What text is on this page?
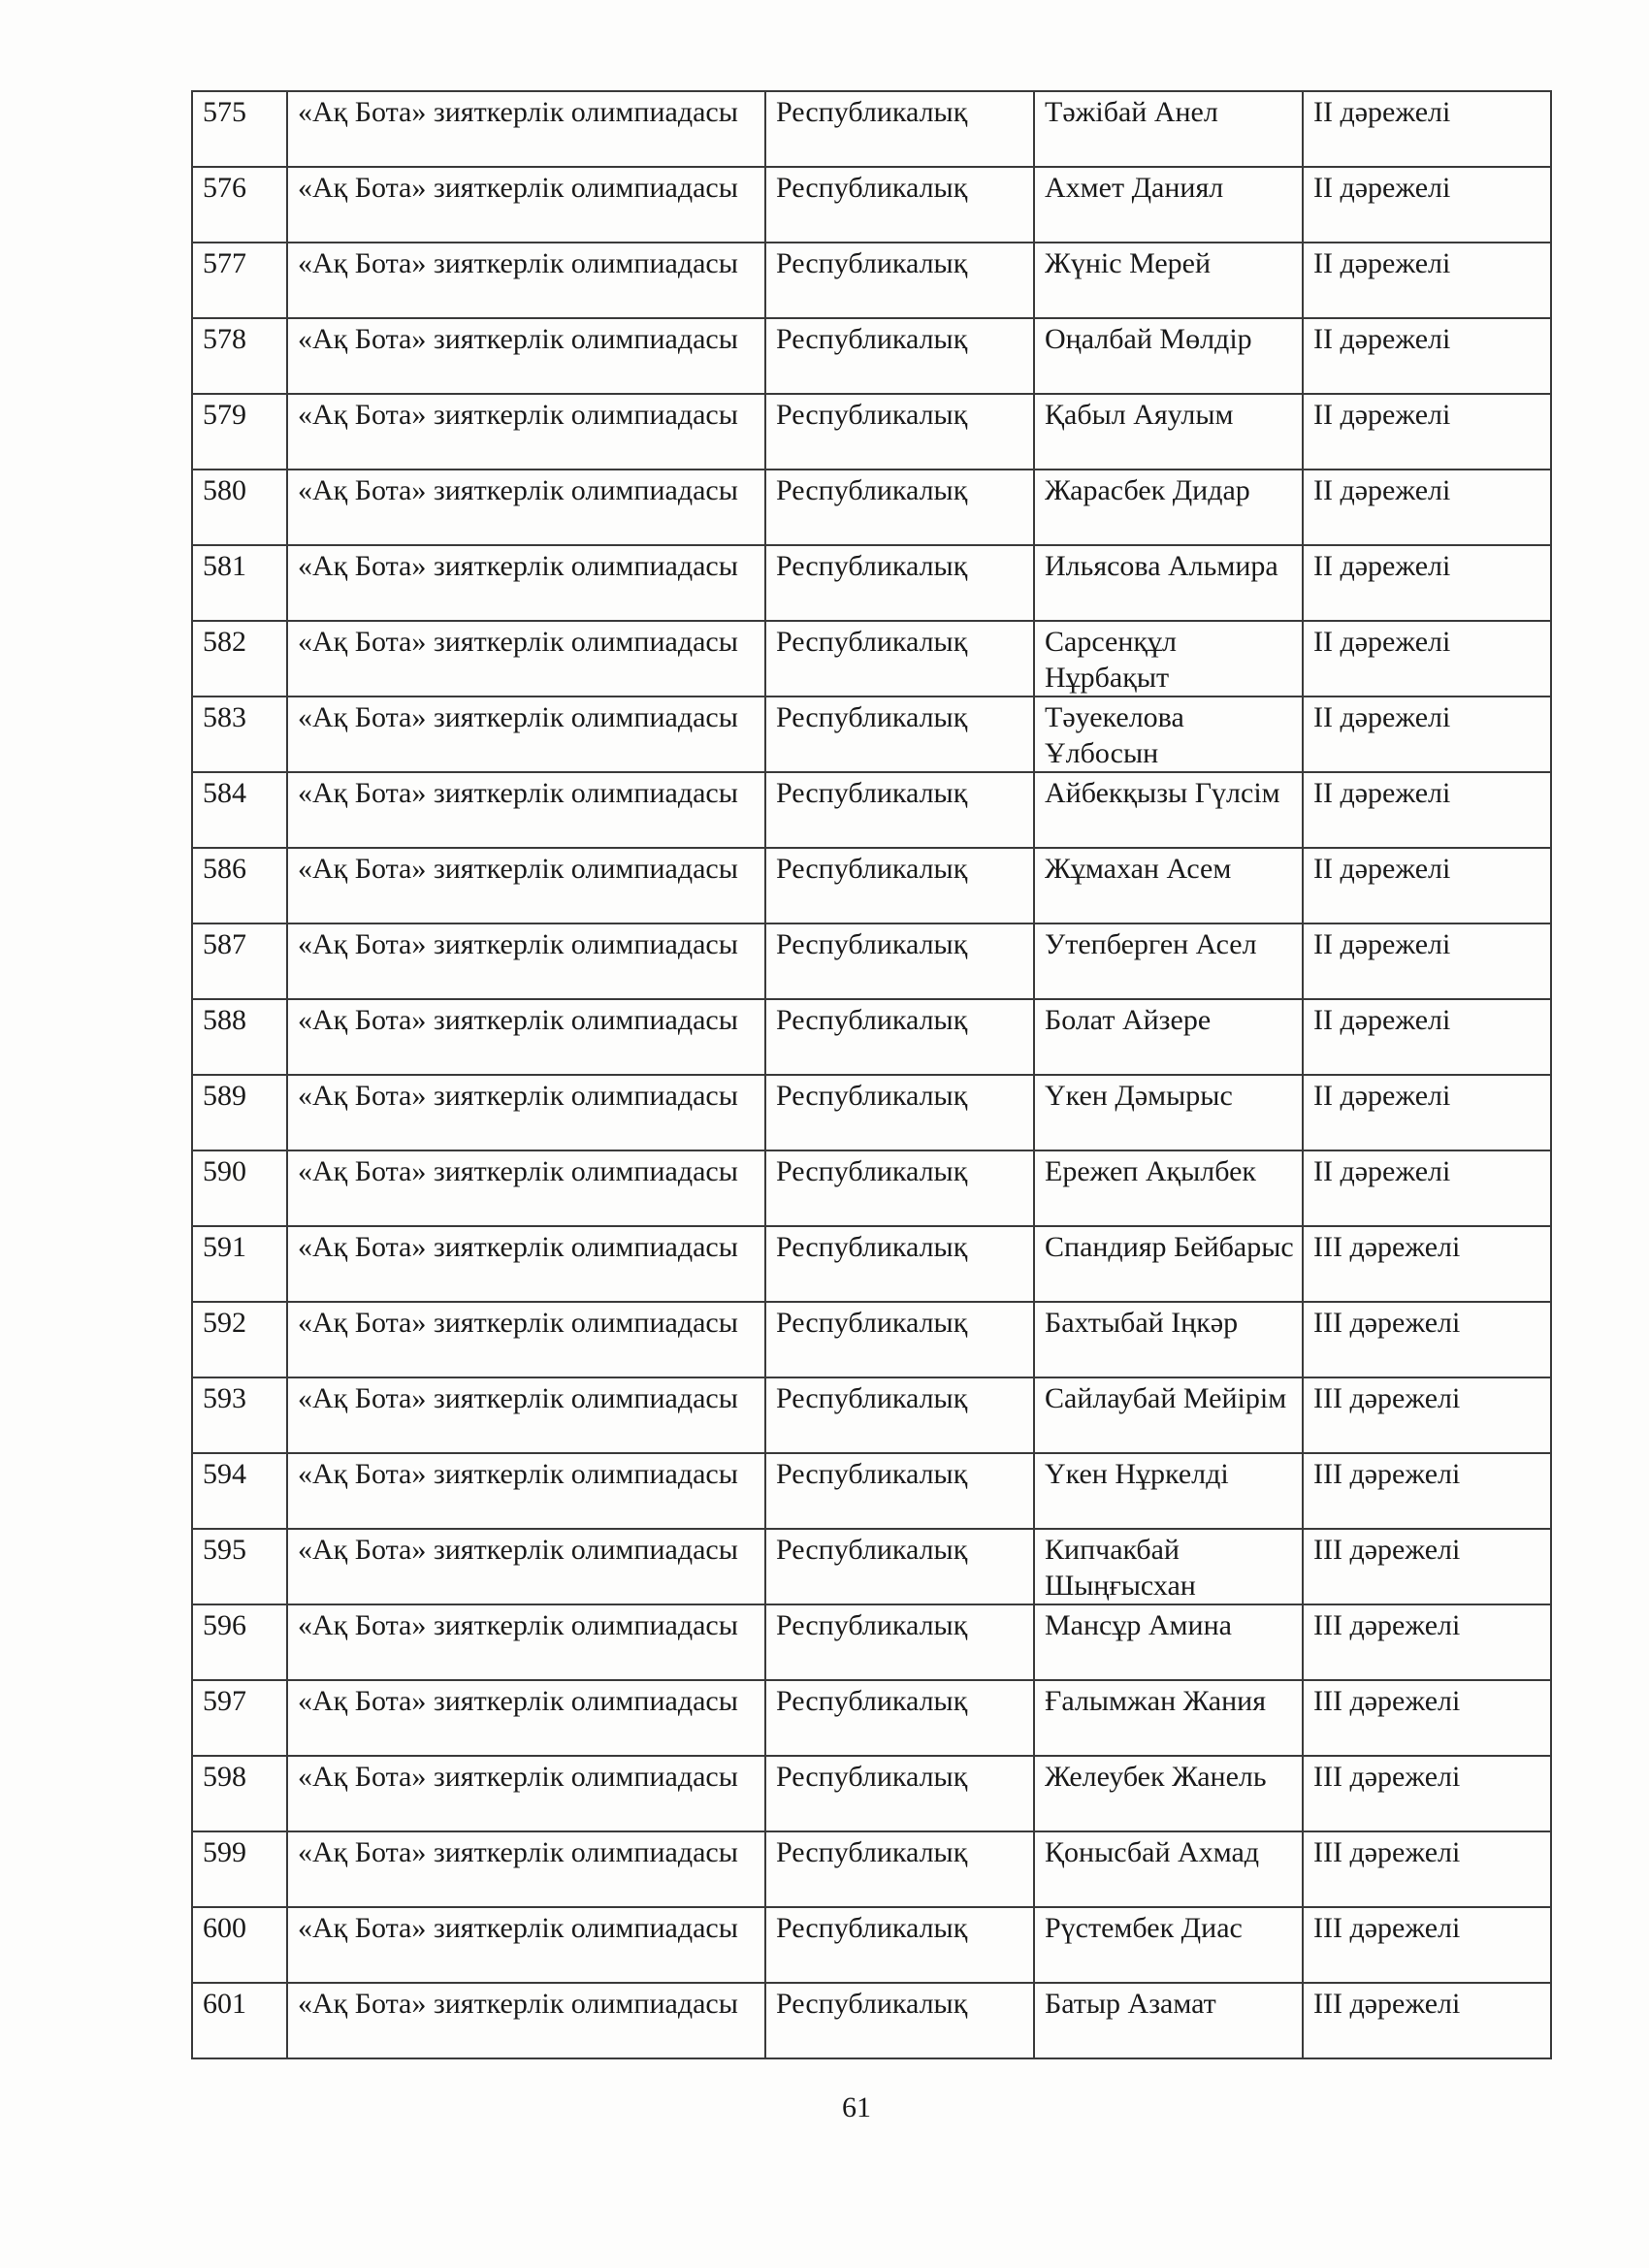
575	«Ақ Бота» зияткерлік олимпиадасы	Республикалық	Тәжібай Анел	II дәрежелі
576	«Ақ Бота» зияткерлік олимпиадасы	Республикалық	Ахмет Даниял	II дәрежелі
577	«Ақ Бота» зияткерлік олимпиадасы	Республикалық	Жүніс Мерей	II дәрежелі
578	«Ақ Бота» зияткерлік олимпиадасы	Республикалық	Оңалбай Мөлдір	II дәрежелі
579	«Ақ Бота» зияткерлік олимпиадасы	Республикалық	Қабыл Аяулым	II дәрежелі
580	«Ақ Бота» зияткерлік олимпиадасы	Республикалық	Жарасбек Дидар	II дәрежелі
581	«Ақ Бота» зияткерлік олимпиадасы	Республикалық	Ильясова Альмира	II дәрежелі
582	«Ақ Бота» зияткерлік олимпиадасы	Республикалық	Сарсенқұл Нұрбақыт	II дәрежелі
583	«Ақ Бота» зияткерлік олимпиадасы	Республикалық	Тәуекелова Ұлбосын	II дәрежелі
584	«Ақ Бота» зияткерлік олимпиадасы	Республикалық	Айбекқызы Гүлсім	II дәрежелі
586	«Ақ Бота» зияткерлік олимпиадасы	Республикалық	Жұмахан Асем	II дәрежелі
587	«Ақ Бота» зияткерлік олимпиадасы	Республикалық	Утепберген Асел	II дәрежелі
588	«Ақ Бота» зияткерлік олимпиадасы	Республикалық	Болат Айзере	II дәрежелі
589	«Ақ Бота» зияткерлік олимпиадасы	Республикалық	Үкен Дәмырыс	II дәрежелі
590	«Ақ Бота» зияткерлік олимпиадасы	Республикалық	Ережеп Ақылбек	II дәрежелі
591	«Ақ Бота» зияткерлік олимпиадасы	Республикалық	Спандияр Бейбарыс	III дәрежелі
592	«Ақ Бота» зияткерлік олимпиадасы	Республикалық	Бахтыбай Іңкәр	III дәрежелі
593	«Ақ Бота» зияткерлік олимпиадасы	Республикалық	Сайлаубай Мейірім	III дәрежелі
594	«Ақ Бота» зияткерлік олимпиадасы	Республикалық	Үкен Нұркелді	III дәрежелі
595	«Ақ Бота» зияткерлік олимпиадасы	Республикалық	Кипчакбай Шыңғысхан	III дәрежелі
596	«Ақ Бота» зияткерлік олимпиадасы	Республикалық	Мансұр Амина	III дәрежелі
597	«Ақ Бота» зияткерлік олимпиадасы	Республикалық	Ғалымжан Жания	III дәрежелі
598	«Ақ Бота» зияткерлік олимпиадасы	Республикалық	Желеубек Жанель	III дәрежелі
599	«Ақ Бота» зияткерлік олимпиадасы	Республикалық	Қонысбай Ахмад	III дәрежелі
600	«Ақ Бота» зияткерлік олимпиадасы	Республикалық	Рүстембек Диас	III дәрежелі
601	«Ақ Бота» зияткерлік олимпиадасы	Республикалық	Батыр Азамат	III дәрежелі
61
